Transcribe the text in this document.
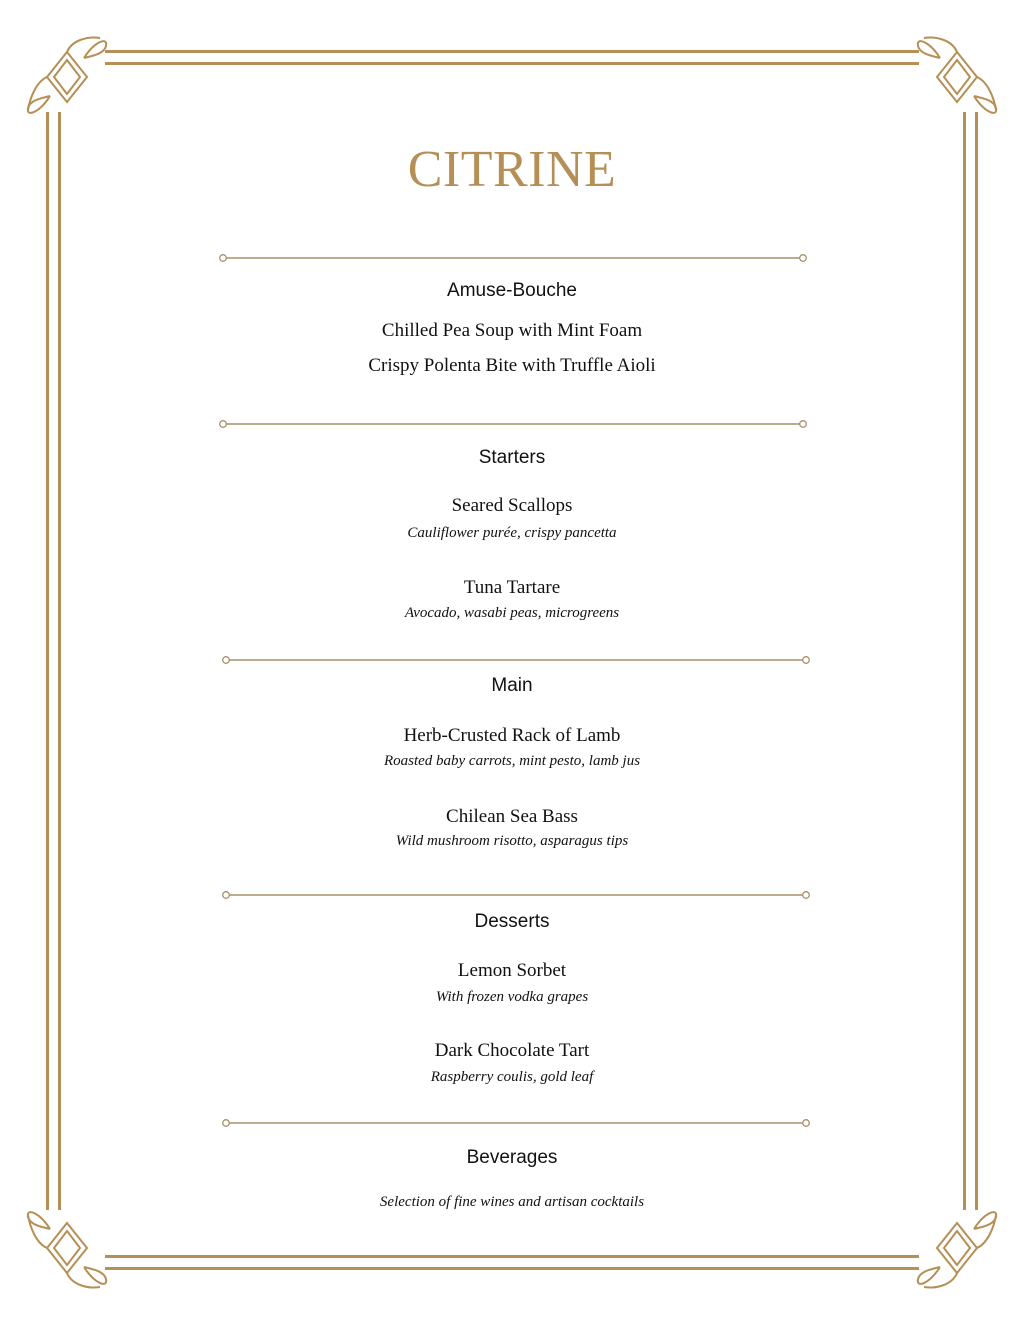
CITRINE
Amuse-Bouche
Chilled Pea Soup with Mint Foam
Crispy Polenta Bite with Truffle Aioli
Starters
Seared Scallops
Cauliflower purée, crispy pancetta
Tuna Tartare
Avocado, wasabi peas, microgreens
Main
Herb-Crusted Rack of Lamb
Roasted baby carrots, mint pesto, lamb jus
Chilean Sea Bass
Wild mushroom risotto, asparagus tips
Desserts
Lemon Sorbet
With frozen vodka grapes
Dark Chocolate Tart
Raspberry coulis, gold leaf
Beverages
Selection of fine wines and artisan cocktails
